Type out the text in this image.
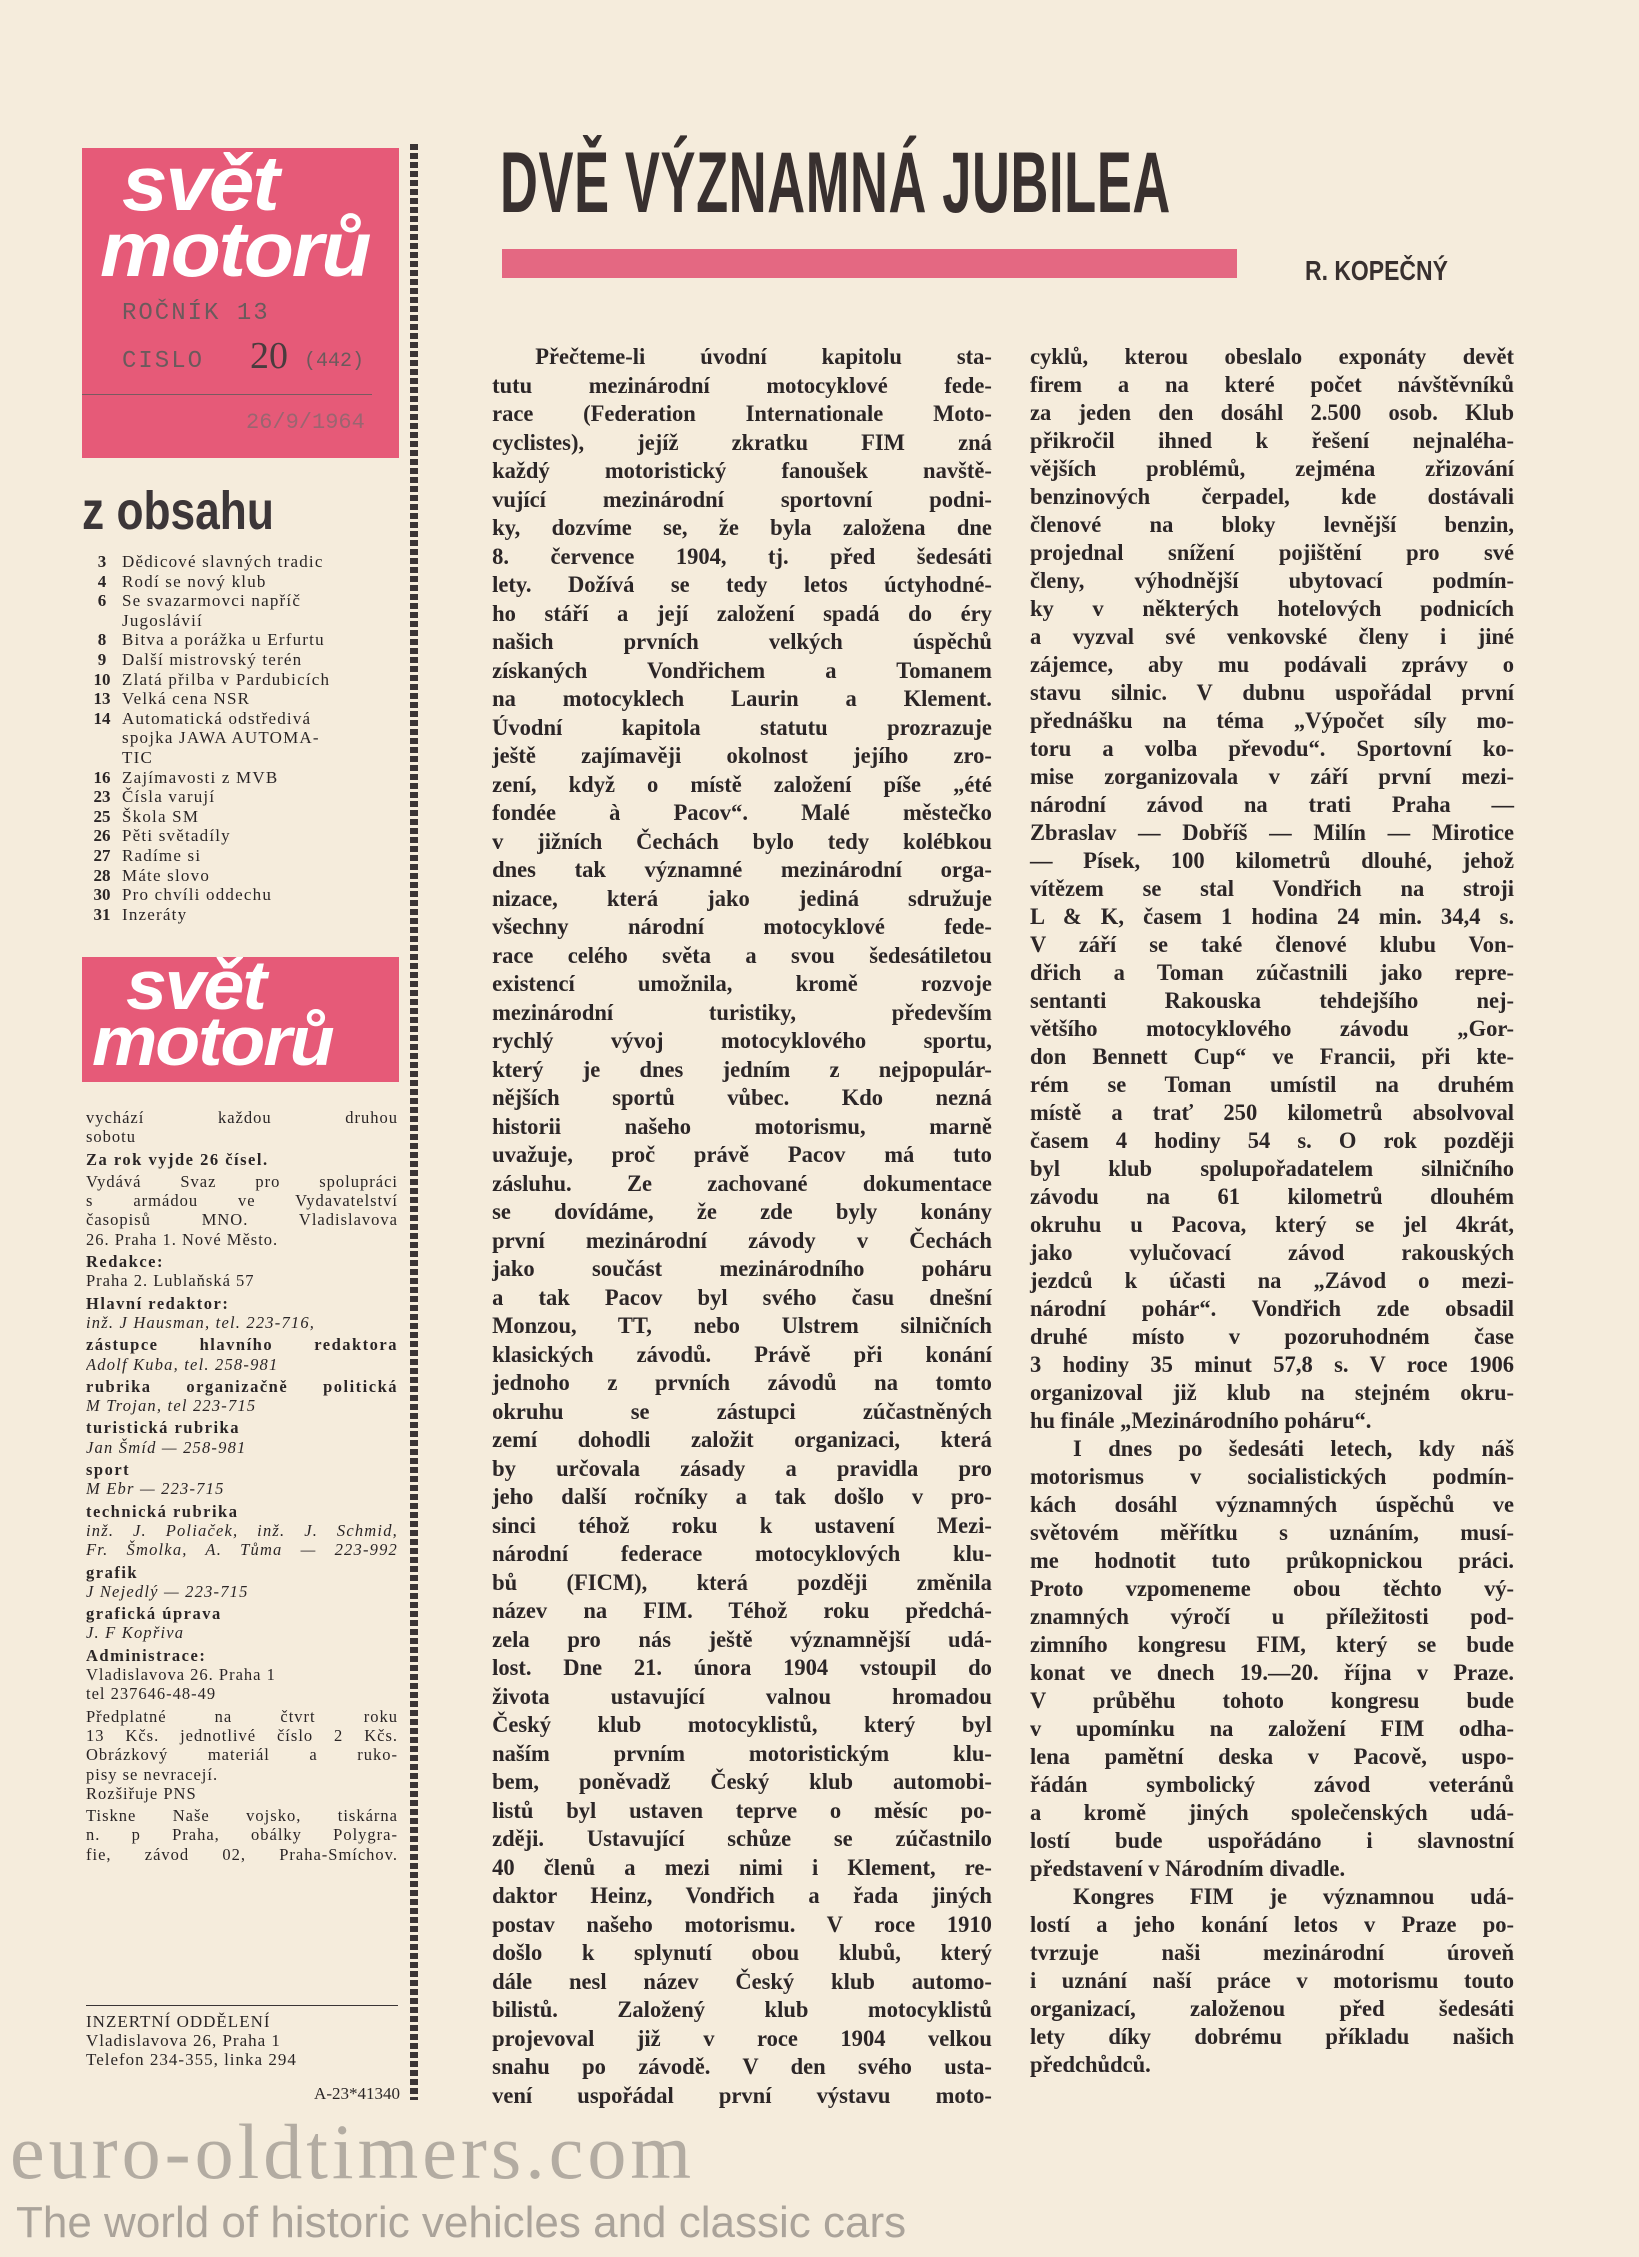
svět
motorů
ROČNÍK 13
CISLO 20 (442)
26/9/1964
z obsahu
3 Dědicové slavných tradic
4 Rodí se nový klub
6 Se svazarmovci napříč
Jugoslávií
8 Bitva a porážka u Erfurtu
9 Další mistrovský terén
10 Zlatá přilba v Pardubicích
13 Velká cena NSR
14 Automatická odstředivá
spojka JAWA AUTOMA-
TIC
16 Zajímavosti z MVB
23 Čísla varují
25 Škola SM
26 Pěti světadíly
27 Radíme si
28 Máte slovo
30 Pro chvíli oddechu
31 Inzeráty
svět
motorů
vychází každou druhou
sobotu
Za rok vyjde 26 čísel.
Vydává Svaz pro spolupráci
s armádou ve Vydavatelství
časopisů MNO. Vladislavova
26. Praha 1. Nové Město.
Redakce:
Praha 2. Lublaňská 57
Hlavní redaktor:
inž. J Hausman, tel. 223-716,
zástupce hlavního redaktora
Adolf Kuba, tel. 258-981
rubrika organizačně politická
M Trojan, tel 223-715
turistická rubrika
Jan Šmíd — 258-981
sport
M Ebr — 223-715
technická rubrika
inž. J. Poliaček, inž. J. Schmid,
Fr. Šmolka, A. Tůma — 223-992
grafik
J Nejedlý — 223-715
grafická úprava
J. F Kopřiva
Administrace:
Vladislavova 26. Praha 1
tel 237646-48-49
Předplatné na čtvrt roku
13 Kčs. jednotlivé číslo 2 Kčs.
Obrázkový materiál a ruko-
pisy se nevracejí.
Rozšiřuje PNS
Tiskne Naše vojsko, tiskárna
n. p Praha, obálky Polygra-
fie, závod 02, Praha-Smíchov.
INZERTNÍ ODDĚLENÍ
Vladislavova 26, Praha 1
Telefon 234-355, linka 294
A-23*41340
DVĚ VÝZNAMNÁ JUBILEA
R. KOPEČNÝ
Přečteme-li úvodní kapitolu sta-
tutu mezinárodní motocyklové fede-
race (Federation Internationale Moto-
cyclistes), jejíž zkratku FIM zná
každý motoristický fanoušek navště-
vující mezinárodní sportovní podni-
ky, dozvíme se, že byla založena dne
8. července 1904, tj. před šedesáti
lety. Dožívá se tedy letos úctyhodné-
ho stáří a její založení spadá do éry
našich prvních velkých úspěchů
získaných Vondřichem a Tomanem
na motocyklech Laurin a Klement.
Úvodní kapitola statutu prozrazuje
ještě zajímavěji okolnost jejího zro-
zení, když o místě založení píše „été
fondée à Pacov“. Malé městečko
v jižních Čechách bylo tedy kolébkou
dnes tak významné mezinárodní orga-
nizace, která jako jediná sdružuje
všechny národní motocyklové fede-
race celého světa a svou šedesátiletou
existencí umožnila, kromě rozvoje
mezinárodní turistiky, především
rychlý vývoj motocyklového sportu,
který je dnes jedním z nejpopulár-
nějších sportů vůbec. Kdo nezná
historii našeho motorismu, marně
uvažuje, proč právě Pacov má tuto
zásluhu. Ze zachované dokumentace
se dovídáme, že zde byly konány
první mezinárodní závody v Čechách
jako součást mezinárodního poháru
a tak Pacov byl svého času dnešní
Monzou, TT, nebo Ulstrem silničních
klasických závodů. Právě při konání
jednoho z prvních závodů na tomto
okruhu se zástupci zúčastněných
zemí dohodli založit organizaci, která
by určovala zásady a pravidla pro
jeho další ročníky a tak došlo v pro-
sinci téhož roku k ustavení Mezi-
národní federace motocyklových klu-
bů (FICM), která později změnila
název na FIM. Téhož roku předchá-
zela pro nás ještě významnější udá-
lost. Dne 21. února 1904 vstoupil do
života ustavující valnou hromadou
Český klub motocyklistů, který byl
naším prvním motoristickým klu-
bem, poněvadž Český klub automobi-
listů byl ustaven teprve o měsíc po-
zději. Ustavující schůze se zúčastnilo
40 členů a mezi nimi i Klement, re-
daktor Heinz, Vondřich a řada jiných
postav našeho motorismu. V roce 1910
došlo k splynutí obou klubů, který
dále nesl název Český klub automo-
bilistů. Založený klub motocyklistů
projevoval již v roce 1904 velkou
snahu po závodě. V den svého usta-
vení uspořádal první výstavu moto-
cyklů, kterou obeslalo exponáty devět
firem a na které počet návštěvníků
za jeden den dosáhl 2.500 osob. Klub
přikročil ihned k řešení nejnaléha-
vějších problémů, zejména zřizování
benzinových čerpadel, kde dostávali
členové na bloky levnější benzin,
projednal snížení pojištění pro své
členy, výhodnější ubytovací podmín-
ky v některých hotelových podnicích
a vyzval své venkovské členy i jiné
zájemce, aby mu podávali zprávy o
stavu silnic. V dubnu uspořádal první
přednášku na téma „Výpočet síly mo-
toru a volba převodu“. Sportovní ko-
mise zorganizovala v září první mezi-
národní závod na trati Praha —
Zbraslav — Dobříš — Milín — Mirotice
— Písek, 100 kilometrů dlouhé, jehož
vítězem se stal Vondřich na stroji
L & K, časem 1 hodina 24 min. 34,4 s.
V září se také členové klubu Von-
dřich a Toman zúčastnili jako repre-
sentanti Rakouska tehdejšího nej-
většího motocyklového závodu „Gor-
don Bennett Cup“ ve Francii, při kte-
rém se Toman umístil na druhém
místě a trať 250 kilometrů absolvoval
časem 4 hodiny 54 s. O rok později
byl klub spolupořadatelem silničního
závodu na 61 kilometrů dlouhém
okruhu u Pacova, který se jel 4krát,
jako vylučovací závod rakouských
jezdců k účasti na „Závod o mezi-
národní pohár“. Vondřich zde obsadil
druhé místo v pozoruhodném čase
3 hodiny 35 minut 57,8 s. V roce 1906
organizoval již klub na stejném okru-
hu finále „Mezinárodního poháru“.
I dnes po šedesáti letech, kdy náš
motorismus v socialistických podmín-
kách dosáhl významných úspěchů ve
světovém měřítku s uznáním, musí-
me hodnotit tuto průkopnickou práci.
Proto vzpomeneme obou těchto vý-
znamných výročí u příležitosti pod-
zimního kongresu FIM, který se bude
konat ve dnech 19.—20. října v Praze.
V průběhu tohoto kongresu bude
v upomínku na založení FIM odha-
lena pamětní deska v Pacově, uspo-
řádán symbolický závod veteránů
a kromě jiných společenských udá-
lostí bude uspořádáno i slavnostní
představení v Národním divadle.
Kongres FIM je významnou udá-
lostí a jeho konání letos v Praze po-
tvrzuje naši mezinárodní úroveň
i uznání naší práce v motorismu touto
organizací, založenou před šedesáti
lety díky dobrému příkladu našich
předchůdců.
euro-oldtimers.com
The world of historic vehicles and classic cars
